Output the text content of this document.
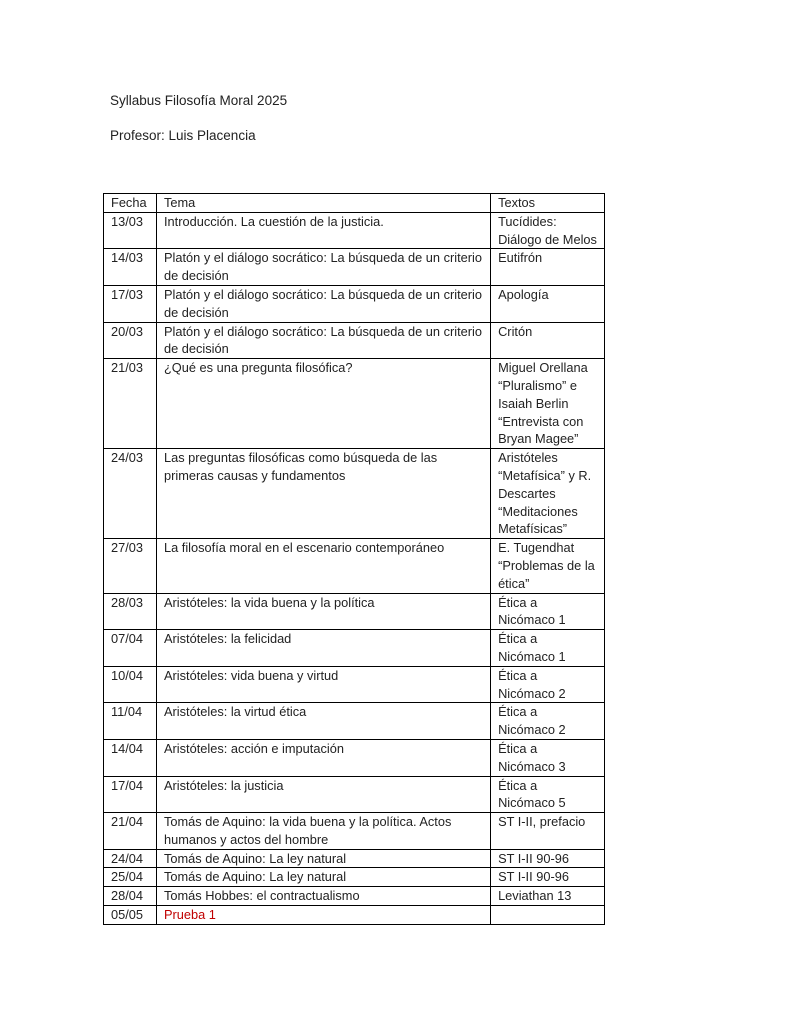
Syllabus Filosofía Moral 2025
Profesor: Luis Placencia
Fecha	Tema	Textos
13/03	Introducción. La cuestión de la justicia.	Tucídides: Diálogo de Melos
14/03	Platón y el diálogo socrático: La búsqueda de un criterio de decisión	Eutifrón
17/03	Platón y el diálogo socrático: La búsqueda de un criterio de decisión	Apología
20/03	Platón y el diálogo socrático: La búsqueda de un criterio de decisión	Critón
21/03	¿Qué es una pregunta filosófica?	Miguel Orellana “Pluralismo” e Isaiah Berlin “Entrevista con Bryan Magee”
24/03	Las preguntas filosóficas como búsqueda de las primeras causas y fundamentos	Aristóteles “Metafísica” y R. Descartes “Meditaciones Metafísicas”
27/03	La filosofía moral en el escenario contemporáneo	E. Tugendhat “Problemas de la ética”
28/03	Aristóteles: la vida buena y la política	Ética a Nicómaco 1
07/04	Aristóteles: la felicidad	Ética a Nicómaco 1
10/04	Aristóteles: vida buena y virtud	Ética a Nicómaco 2
11/04	Aristóteles: la virtud ética	Ética a Nicómaco 2
14/04	Aristóteles: acción e imputación	Ética a Nicómaco 3
17/04	Aristóteles: la justicia	Ética a Nicómaco 5
21/04	Tomás de Aquino: la vida buena y la política. Actos humanos y actos del hombre	ST I-II, prefacio
24/04	Tomás de Aquino: La ley natural	ST I-II 90-96
25/04	Tomás de Aquino: La ley natural	ST I-II 90-96
28/04	Tomás Hobbes: el contractualismo	Leviathan 13
05/05	Prueba 1	
